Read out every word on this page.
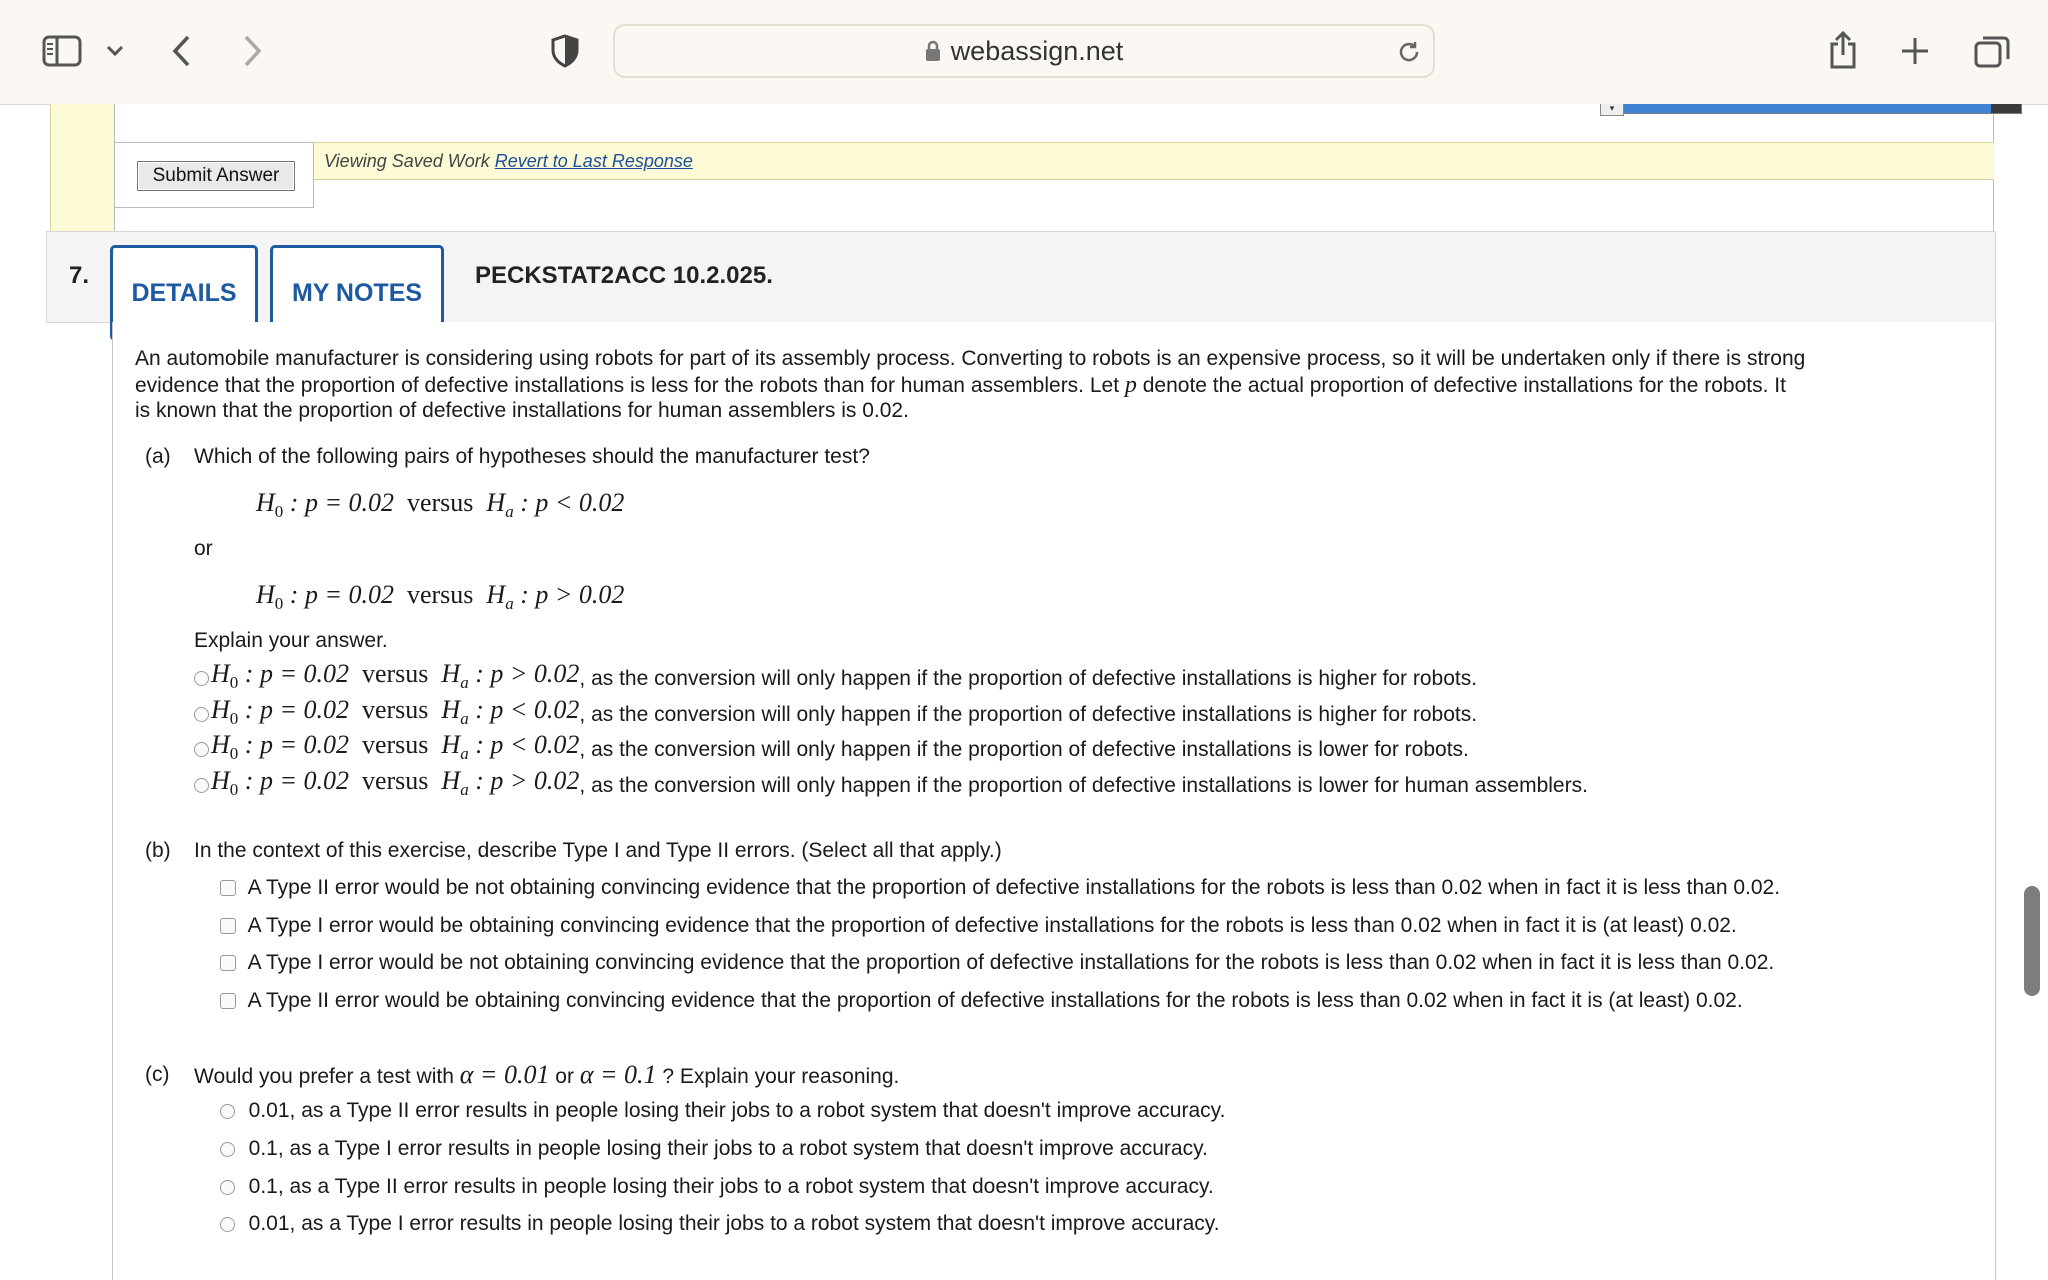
webassign.net
▾
Viewing Saved Work Revert to Last Response
Submit Answer
7.
DETAILS	MY NOTES
PECKSTAT2ACC 10.2.025.
An automobile manufacturer is considering using robots for part of its assembly process. Converting to robots is an expensive process, so it will be undertaken only if there is strong
evidence that the proportion of defective installations is less for the robots than for human assemblers. Let p denote the actual proportion of defective installations for the robots. It
is known that the proportion of defective installations for human assemblers is 0.02.
(a) Which of the following pairs of hypotheses should the manufacturer test?
$H_0$ : p = 0.02 versus $H_a$ : p < 0.02
or
$H_0$ : p = 0.02 versus $H_a$ : p > 0.02
Explain your answer.
$H_0$ : p = 0.02 versus $H_a$ : p > 0.02 , as the conversion will only happen if the proportion of defective installations is higher for robots.
$H_0$ : p = 0.02 versus $H_a$ : p < 0.02 , as the conversion will only happen if the proportion of defective installations is higher for robots.
$H_0$ : p = 0.02 versus $H_a$ : p < 0.02 , as the conversion will only happen if the proportion of defective installations is lower for robots.
$H_0$ : p = 0.02 versus $H_a$ : p > 0.02 , as the conversion will only happen if the proportion of defective installations is lower for human assemblers.
(b) In the context of this exercise, describe Type I and Type II errors. (Select all that apply.)

A Type II error would be not obtaining convincing evidence that the proportion of defective installations for the robots is less than 0.02 when in fact it is less than 0.02.

A Type I error would be obtaining convincing evidence that the proportion of defective installations for the robots is less than 0.02 when in fact it is (at least) 0.02.

A Type I error would be not obtaining convincing evidence that the proportion of defective installations for the robots is less than 0.02 when in fact it is less than 0.02.

A Type II error would be obtaining convincing evidence that the proportion of defective installations for the robots is less than 0.02 when in fact it is (at least) 0.02.
(c) Would you prefer a test with α = 0.01 or α = 0.1 ? Explain your reasoning.

0.01, as a Type II error results in people losing their jobs to a robot system that doesn't improve accuracy.

0.1, as a Type I error results in people losing their jobs to a robot system that doesn't improve accuracy.

0.1, as a Type II error results in people losing their jobs to a robot system that doesn't improve accuracy.

0.01, as a Type I error results in people losing their jobs to a robot system that doesn't improve accuracy.
